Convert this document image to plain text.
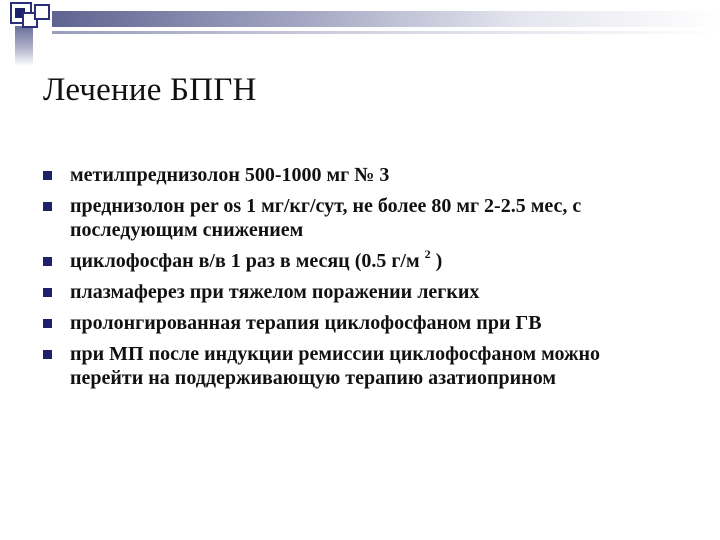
Лечение БПГН
метилпреднизолон 500-1000 мг № 3
преднизолон per os 1 мг/кг/сут, не более 80 мг 2-2.5 мес, с последующим снижением
циклофосфан в/в 1 раз в месяц (0.5 г/м $^2$ )
плазмаферез при тяжелом поражении легких
пролонгированная терапия циклофосфаном при ГВ
при МП после индукции ремиссии циклофосфаном можно перейти на поддерживающую терапию азатиоприном
